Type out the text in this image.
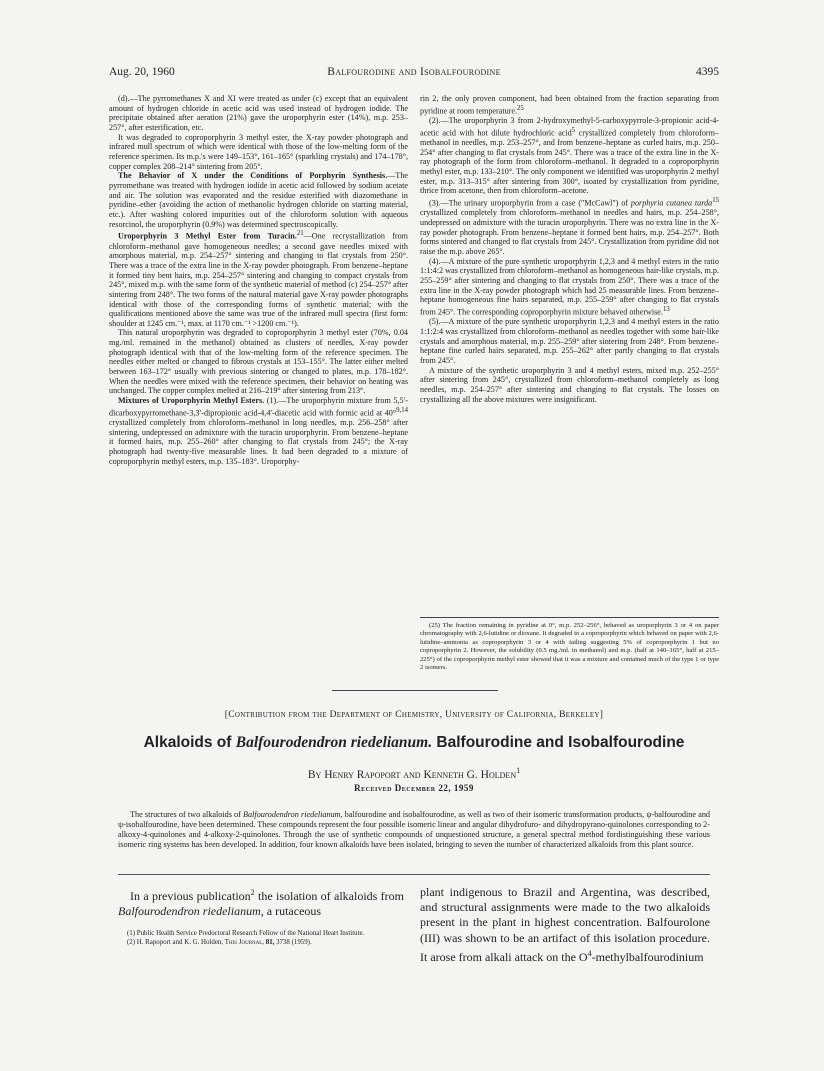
Aug. 20, 1960	Balfourodine and Isobalfourodine	4395

(d).—The pyrromethanes X and XI were treated as under (c) except that an equivalent amount of hydrogen chloride in acetic acid was used instead of hydrogen iodide. The precipitate obtained after aeration (21%) gave the uroporphyrin ester (14%), m.p. 253–257°, after esterification, etc.

It was degraded to coproporphyrin 3 methyl ester, the X-ray powder photograph and infrared mull spectrum of which were identical with those of the low-melting form of the reference specimen. Its m.p.'s were 149–153°, 161–165° (sparkling crystals) and 174–178°, copper complex 208–214° sintering from 205°.

The Behavior of X under the Conditions of Porphyrin Synthesis.—The pyrromethane was treated with hydrogen iodide in acetic acid followed by sodium acetate and air. The solution was evaporated and the residue esterified with diazomethane in pyridine–ether (avoiding the action of methanolic hydrogen chloride on starting material, etc.). After washing colored impurities out of the chloroform solution with aqueous resorcinol, the uroporphyrin (0.9%) was determined spectroscopically.

Uroporphyrin 3 Methyl Ester from Turacin.$^{21}$—One recrystallization from chloroform–methanol gave homogeneous needles; a second gave needles mixed with amorphous material, m.p. 254–257° sintering and changing to flat crystals from 250°. There was a trace of the extra line in the X-ray powder photograph. From benzene–heptane it formed tiny bent hairs, m.p. 254–257° sintering and changing to compact crystals from 245°, mixed m.p. with the same form of the synthetic material of method (c) 254–257° after sintering from 248°. The two forms of the natural material gave X-ray powder photographs identical with those of the corresponding forms of synthetic material; with the qualifications mentioned above the same was true of the infrared mull spectra (first form: shoulder at 1245 cm.⁻¹, max. at 1170 cm.⁻¹ >1200 cm.⁻¹).

This natural uroporphyrin was degraded to coproporphyrin 3 methyl ester (70%, 0.04 mg./ml. remained in the methanol) obtained as clusters of needles, X-ray powder photograph identical with that of the low-melting form of the reference specimen. The needles either melted or changed to fibrous crystals at 153–155°. The latter either melted between 163–172° usually with previous sintering or changed to plates, m.p. 178–182°. When the needles were mixed with the reference specimen, their behavior on heating was unchanged. The copper complex melted at 216–219° after sintering from 213°.

Mixtures of Uroporphyrin Methyl Esters. (1).—The uroporphyrin mixture from 5,5′-dicarboxypyrromethane-3,3′-dipropionic acid-4,4′-diacetic acid with formic acid at 40°$^{9,14}$ crystallized completely from chloroform–methanol in long needles, m.p. 256–258° after sintering, undepressed on admixture with the turacin uroporphyrin. From benzene–heptane it formed hairs, m.p. 255–260° after changing to flat crystals from 245°; the X-ray photograph had twenty-five measurable lines. It had been degraded to a mixture of coproporphyrin methyl esters, m.p. 135–183°. Uroporphy-

rin 2, the only proven component, had been obtained from the fraction separating from pyridine at room temperature.$^{25}$

(2).—The uroporphyrin 3 from 2-hydroxymethyl-5-carboxypyrrole-3-propionic acid-4-acetic acid with hot dilute hydrochloric acid$^5$ crystallized completely from chloroform–methanol in needles, m.p. 253–257°, and from benzene–heptane as curled hairs, m.p. 250–254° after changing to flat crystals from 245°. There was a trace of the extra line in the X-ray photograph of the form from chloroform–methanol. It degraded to a coproporphyrin methyl ester, m.p. 133–210°. The only component we identified was uroporphyrin 2 methyl ester, m.p. 313–315° after sintering from 300°, isoated by crystallization from pyridine, thrice from acetone, then from chloroform–acetone.

(3).—The urinary uroporphyrin from a case ("McCawl") of porphyria cutanea tarda$^{15}$ crystallized completely from chloroform–methanol in needles and hairs, m.p. 254–258°, undepressed on admixture with the turacin uroporphyrin. There was no extra line in the X-ray powder photograph. From benzene–heptane it formed bent hairs, m.p. 254–257°. Both forms sintered and changed to flat crystals from 245°. Crystallization from pyridine did not raise the m.p. above 265°.

(4).—A mixture of the pure synthetic uroporphyrin 1,2,3 and 4 methyl esters in the ratio 1:1:4:2 was crystallized from chloroform–methanol as homogeneous hair-like crystals, m.p. 255–259° after sintering and changing to flat crystals from 250°. There was a trace of the extra line in the X-ray powder photograph which had 25 measurable lines. From benzene–heptane homogeneous fine hairs separated, m.p. 255–259° after changing to flat crystals from 245°. The corresponding coproporphyrin mixture behaved otherwise.$^{13}$

(5).—A mixture of the pure synthetic uroporphyrin 1,2,3 and 4 methyl esters in the ratio 1:1:2:4 was crystallized from chloroform–methanol as needles together with some hair-like crystals and amorphous material, m.p. 255–259° after sintering from 248°. From benzene–heptane fine curled hairs separated, m.p. 255–262° after partly changing to flat crystals from 245°.

A mixture of the synthetic uroporphyrin 3 and 4 methyl esters, mixed m.p. 252–255° after sintering from 245°, crystallized from chloroform–methanol completely as long needles, m.p. 254–257° after sintering and changing to flat crystals. The losses on crystallizing all the above mixtures were insignificant.

(25) The fraction remaining in pyridine at 0°, m.p. 252–256°, behaved as uroporphyrin 3 or 4 on paper chromatography with 2,6-lutidine or dioxane. It degraded to a coproporphyrin which behaved on paper with 2,6-lutidine–ammonia as coproporphyrin 3 or 4 with tailing suggesting 5% of coproporphyrin 1 but no coproporphyrin 2. However, the solubility (0.5 mg./ml. in methanol) and m.p. (half at 140–165°, half at 215–225°) of the coproporphyrin methyl ester showed that it was a mixture and contained much of the type 1 or type 2 isomers.

[Contribution from the Department of Chemistry, University of California, Berkeley]
Alkaloids of Balfourodendron riedelianum. Balfourodine and Isobalfourodine
By Henry Rapoport and Kenneth G. Holden$^1$
Received December 22, 1959

The structures of two alkaloids of Balfourodendron riedelianum, balfourodine and isobalfourodine, as well as two of their isomeric transformation products, ψ-balfourodine and ψ-isobalfourodine, have been determined. These compounds represent the four possible isomeric linear and angular dihydrofuro- and dihydropyrano-quinolones corresponding to 2-alkoxy-4-quinolones and 4-alkoxy-2-quinolones. Through the use of synthetic compounds of unquestioned structure, a general spectral method fordistinguishing these various isomeric ring systems has been developed. In addition, four known alkaloids have been isolated, bringing to seven the number of characterized alkaloids from this plant source.

In a previous publication$^2$ the isolation of alkaloids from Balfourodendron riedelianum, a rutaceous

(1) Public Health Service Predoctoral Research Fellow of the National Heart Institute.

(2) H. Rapoport and K. G. Holden, This Journal, 81, 3738 (1959).

plant indigenous to Brazil and Argentina, was described, and structural assignments were made to the two alkaloids present in the plant in highest concentration. Balfourolone (III) was shown to be an artifact of this isolation procedure. It arose from alkali attack on the $O^4$-methylbalfourodinium
